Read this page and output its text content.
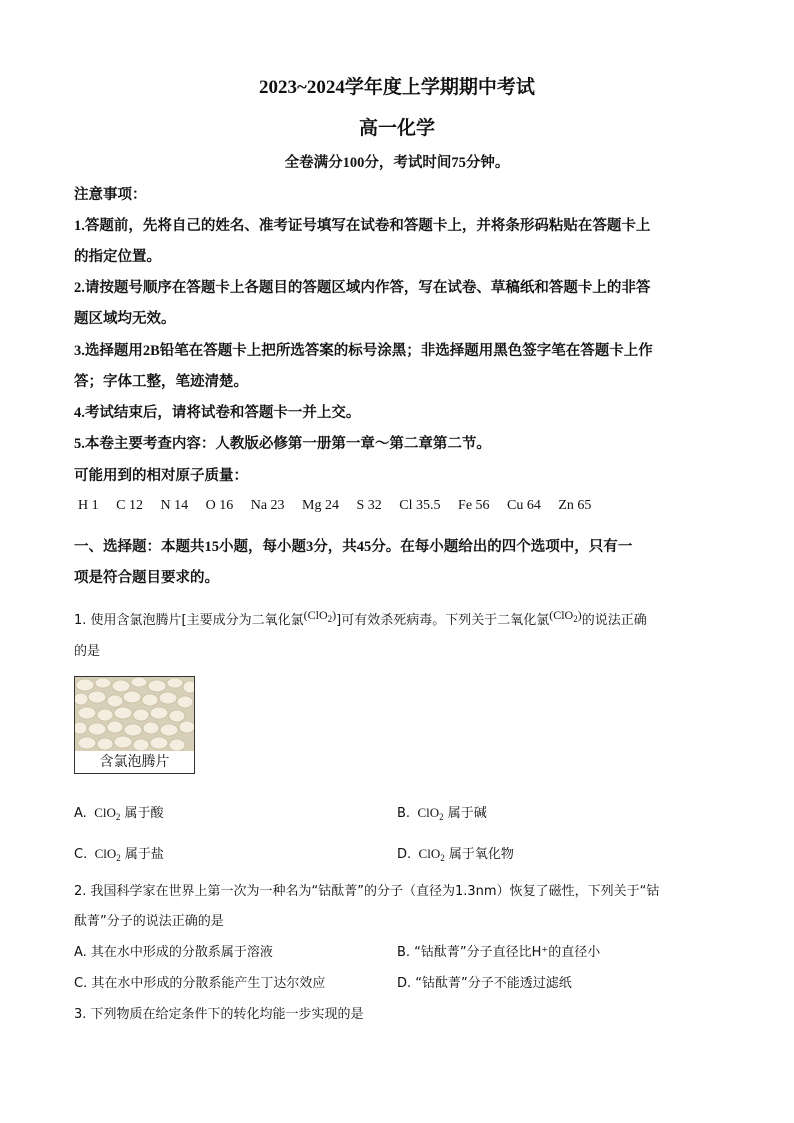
2023~2024学年度上学期期中考试
高一化学
全卷满分100分，考试时间75分钟。
注意事项：
1.答题前，先将自己的姓名、准考证号填写在试卷和答题卡上，并将条形码粘贴在答题卡上
的指定位置。
2.请按题号顺序在答题卡上各题目的答题区域内作答，写在试卷、草稿纸和答题卡上的非答
题区域均无效。
3.选择题用2B铅笔在答题卡上把所选答案的标号涂黑；非选择题用黑色签字笔在答题卡上作
答；字体工整，笔迹清楚。
4.考试结束后，请将试卷和答题卡一并上交。
5.本卷主要考查内容：人教版必修第一册第一章～第二章第二节。
可能用到的相对原子质量：
H 1 C 12 N 14 O 16 Na 23 Mg 24 S 32 Cl 35.5 Fe 56 Cu 64 Zn 65
一、选择题：本题共15小题，每小题3分，共45分。在每小题给出的四个选项中，只有一
项是符合题目要求的。
1. 使用含氯泡腾片[主要成分为二氧化氯(ClO$_2$)]可有效杀死病毒。下列关于二氧化氯(ClO$_2$)的说法正确
的是
含氯泡腾片
A. ClO$_2$ 属于酸	B. ClO$_2$ 属于碱
C. ClO$_2$ 属于盐	D. ClO$_2$ 属于氧化物
2. 我国科学家在世界上第一次为一种名为“钴酞菁”的分子（直径为1.3nm）恢复了磁性，下列关于“钴
酞菁”分子的说法正确的是
A. 其在水中形成的分散系属于溶液	B. “钴酞菁”分子直径比H⁺的直径小
C. 其在水中形成的分散系能产生丁达尔效应	D. “钴酞菁”分子不能透过滤纸
3. 下列物质在给定条件下的转化均能一步实现的是
